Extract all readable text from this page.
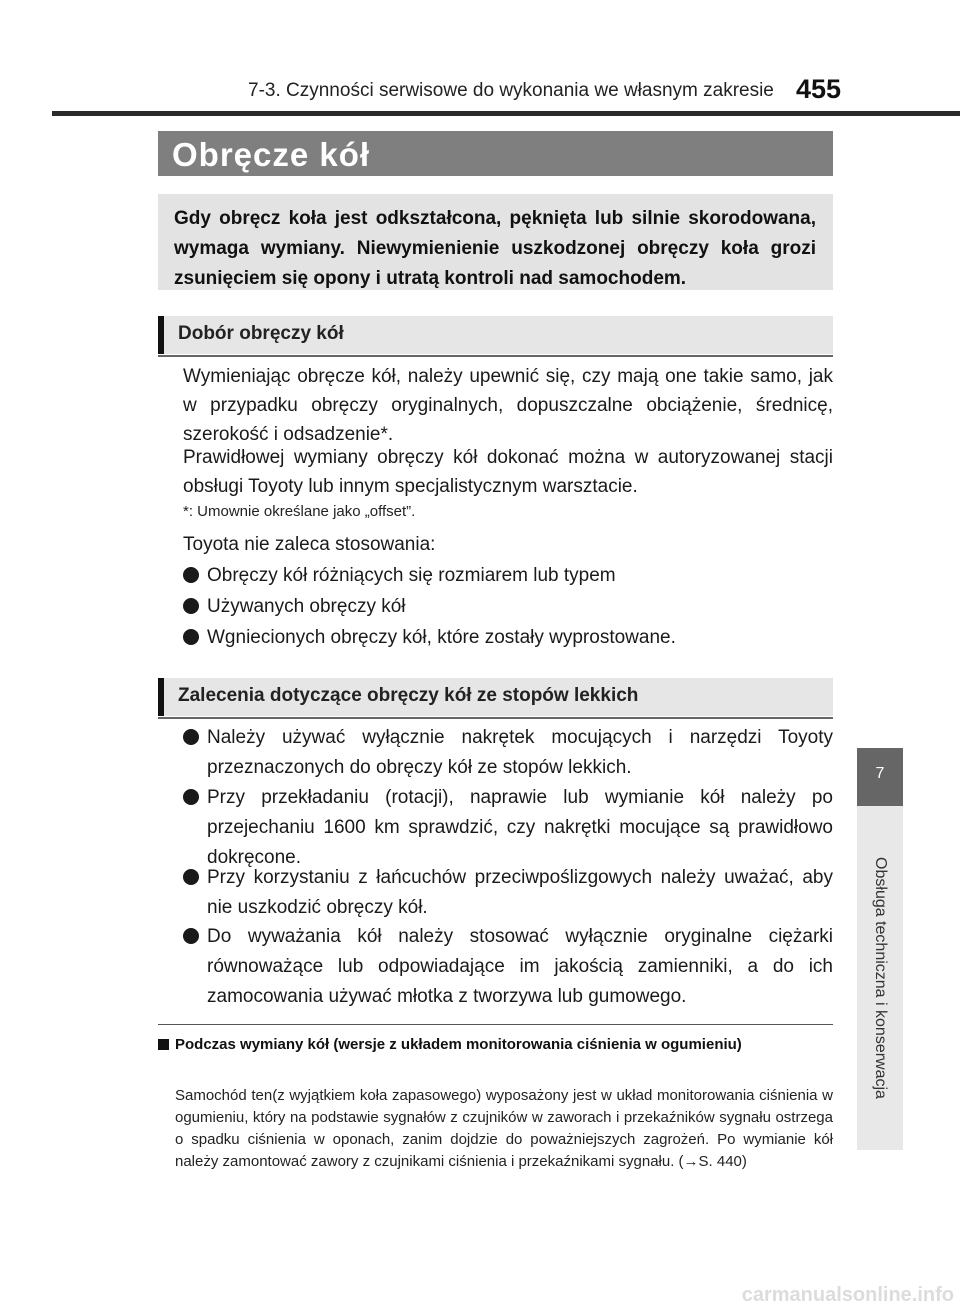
7-3. Czynności serwisowe do wykonania we własnym zakresie 455
Obręcze kół
Gdy obręcz koła jest odkształcona, pęknięta lub silnie skorodowana, wymaga wymiany. Niewymienienie uszkodzonej obręczy koła grozi zsunięciem się opony i utratą kontroli nad samochodem.
Dobór obręczy kół
Wymieniając obręcze kół, należy upewnić się, czy mają one takie samo, jak w przypadku obręczy oryginalnych, dopuszczalne obciążenie, średnicę, szerokość i odsadzenie*.
Prawidłowej wymiany obręczy kół dokonać można w autoryzowanej stacji obsługi Toyoty lub innym specjalistycznym warsztacie.
*: Umownie określane jako „offset”.
Toyota nie zaleca stosowania:
Obręczy kół różniących się rozmiarem lub typem
Używanych obręczy kół
Wgniecionych obręczy kół, które zostały wyprostowane.
Zalecenia dotyczące obręczy kół ze stopów lekkich
Należy używać wyłącznie nakrętek mocujących i narzędzi Toyoty przeznaczonych do obręczy kół ze stopów lekkich.
Przy przekładaniu (rotacji), naprawie lub wymianie kół należy po przejechaniu 1600 km sprawdzić, czy nakrętki mocujące są prawidłowo dokręcone.
Przy korzystaniu z łańcuchów przeciwpoślizgowych należy uważać, aby nie uszkodzić obręczy kół.
Do wyważania kół należy stosować wyłącznie oryginalne ciężarki równoważące lub odpowiadające im jakością zamienniki, a do ich zamocowania używać młotka z tworzywa lub gumowego.
Podczas wymiany kół (wersje z układem monitorowania ciśnienia w ogumieniu)
Samochód ten(z wyjątkiem koła zapasowego) wyposażony jest w układ monitorowania ciśnienia w ogumieniu, który na podstawie sygnałów z czujników w zaworach i przekaźników sygnału ostrzega o spadku ciśnienia w oponach, zanim dojdzie do poważniejszych zagrożeń. Po wymianie kół należy zamontować zawory z czujnikami ciśnienia i przekaźnikami sygnału. (→S. 440)
7
Obsługa techniczna i konserwacja
carmanualsonline.info
